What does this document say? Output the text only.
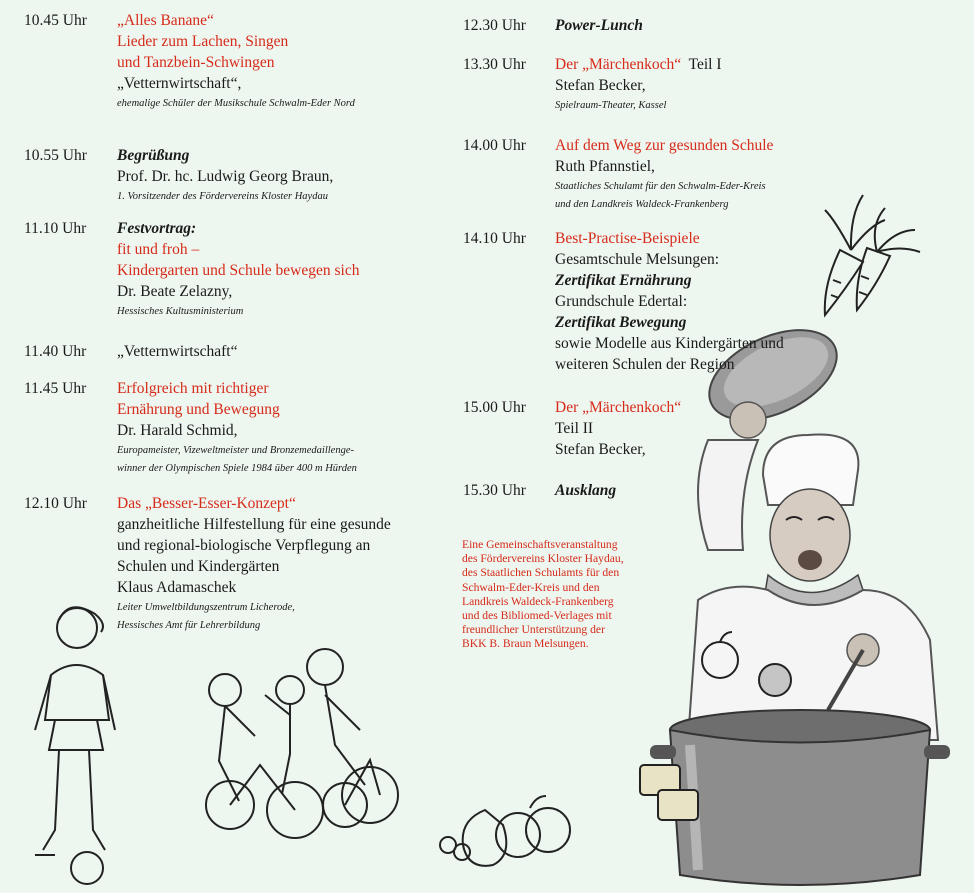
10.45 Uhr „Alles Banane“
Lieder zum Lachen, Singen
und Tanzbein-Schwingen
„Vetternwirtschaft“,
ehemalige Schüler der Musikschule Schwalm-Eder Nord
10.55 Uhr Begrüßung
Prof. Dr. hc. Ludwig Georg Braun,
1. Vorsitzender des Fördervereins Kloster Haydau
11.10 Uhr Festvortrag:
fit und froh –
Kindergarten und Schule bewegen sich
Dr. Beate Zelazny,
Hessisches Kultusministerium
11.40 Uhr „Vetternwirtschaft“
11.45 Uhr Erfolgreich mit richtiger
Ernährung und Bewegung
Dr. Harald Schmid,
Europameister, Vizeweltmeister und Bronzemedaillenge-
winner der Olympischen Spiele 1984 über 400 m Hürden
12.10 Uhr Das „Besser-Esser-Konzept“
ganzheitliche Hilfestellung für eine gesunde
und regional-biologische Verpflegung an
Schulen und Kindergärten
Klaus Adamaschek
Leiter Umweltbildungszentrum Licherode,
Hessisches Amt für Lehrerbildung
12.30 Uhr Power-Lunch
13.30 Uhr Der „Märchenkoch“  Teil I
Stefan Becker,
Spielraum-Theater, Kassel
14.00 Uhr Auf dem Weg zur gesunden Schule
Ruth Pfannstiel,
Staatliches Schulamt für den Schwalm-Eder-Kreis
und den Landkreis Waldeck-Frankenberg
14.10 Uhr Best-Practise-Beispiele
Gesamtschule Melsungen:
Zertifikat Ernährung
Grundschule Edertal:
Zertifikat Bewegung
sowie Modelle aus Kindergärten und
weiteren Schulen der Region
15.00 Uhr Der „Märchenkoch“
Teil II
Stefan Becker,
15.30 Uhr Ausklang
Eine Gemeinschaftsveranstaltung
des Fördervereins Kloster Haydau,
des Staatlichen Schulamts für den
Schwalm-Eder-Kreis und den
Landkreis Waldeck-Frankenberg
und des Bibliomed-Verlages mit
freundlicher Unterstützung der
BKK B. Braun Melsungen.
